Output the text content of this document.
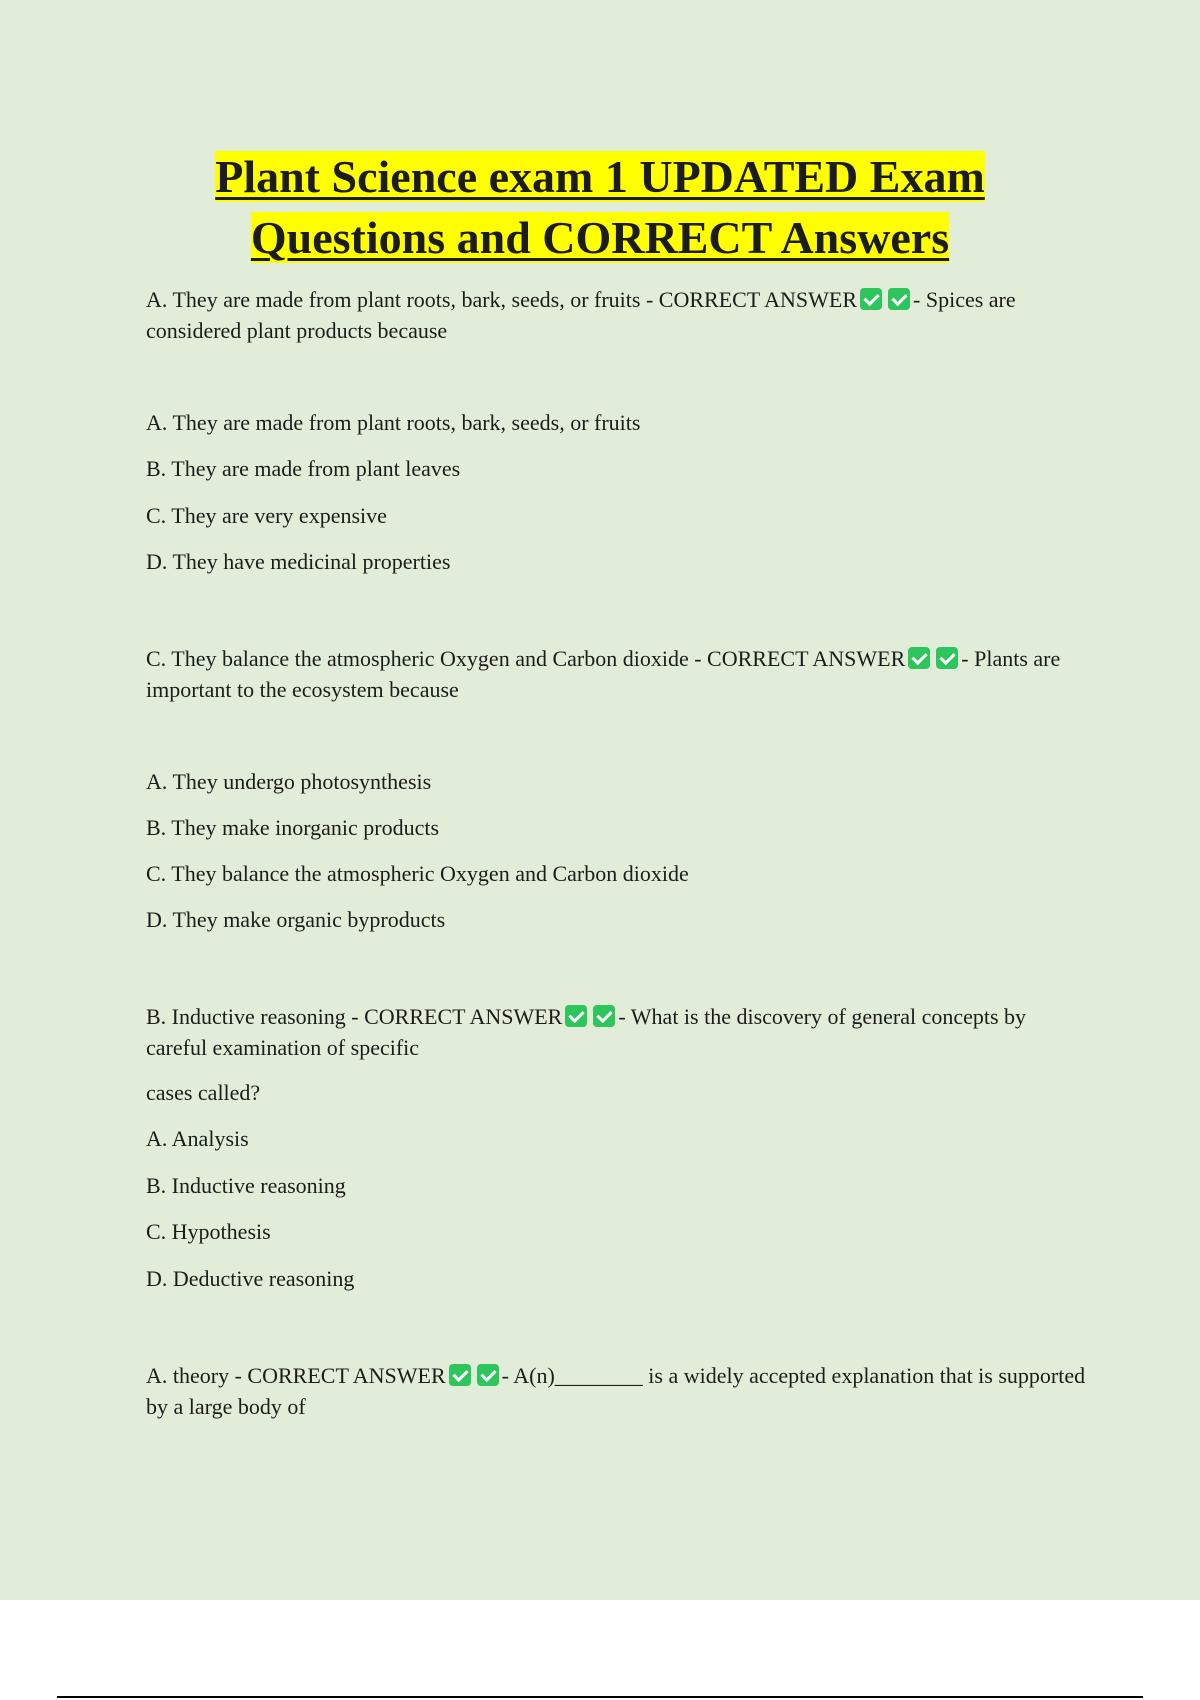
Plant Science exam 1 UPDATED Exam
Questions and CORRECT Answers
A. They are made from plant roots, bark, seeds, or fruits - CORRECT ANSWER	- Spices are considered plant products because
A. They are made from plant roots, bark, seeds, or fruits
B. They are made from plant leaves
C. They are very expensive
D. They have medicinal properties
C. They balance the atmospheric Oxygen and Carbon dioxide - CORRECT ANSWER	- Plants are important to the ecosystem because
A. They undergo photosynthesis
B. They make inorganic products
C. They balance the atmospheric Oxygen and Carbon dioxide
D. They make organic byproducts
B. Inductive reasoning - CORRECT ANSWER	- What is the discovery of general concepts by careful examination of specific
cases called?
A. Analysis
B. Inductive reasoning
C. Hypothesis
D. Deductive reasoning
A. theory - CORRECT ANSWER	- A(n)________ is a widely accepted explanation that is supported by a large body of
